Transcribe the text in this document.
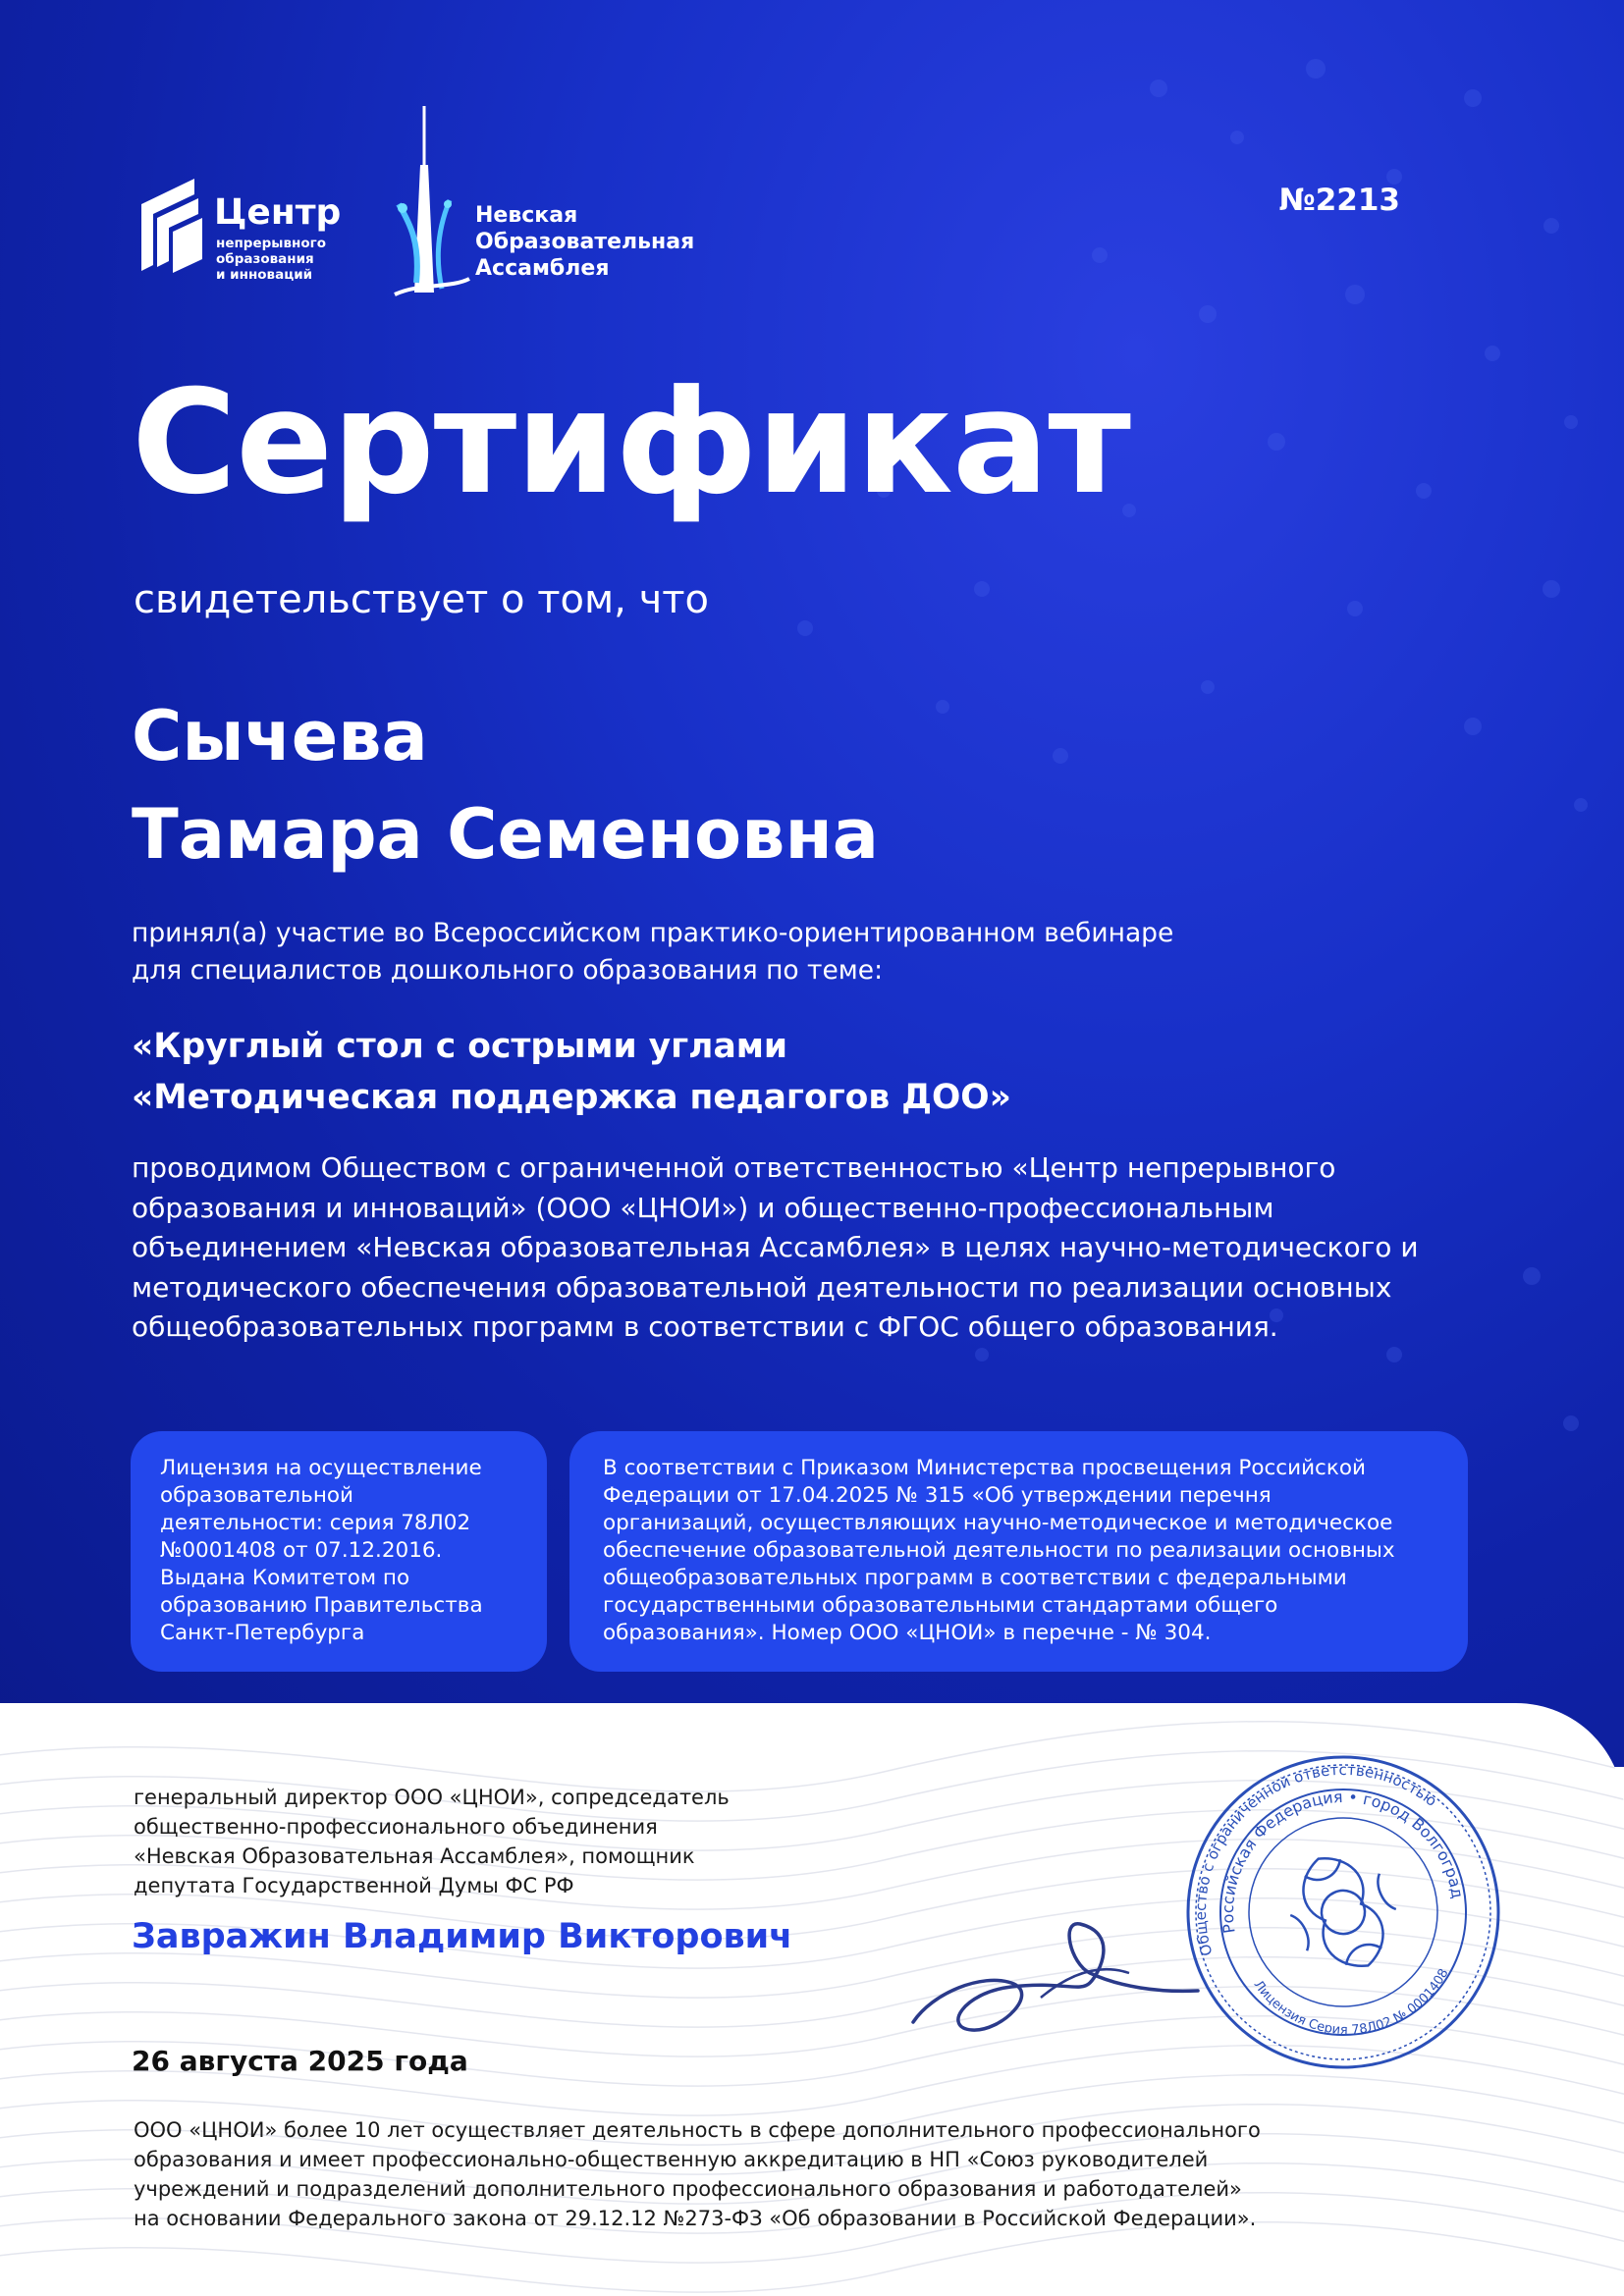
Центр
непрерывного
образования
и инноваций
Невская
Образовательная
Ассамблея
№2213
Сертификат
свидетельствует о том, что
Сычева
Тамара Семеновна
принял(а) участие во Всероссийском практико-ориентированном вебинаре
для специалистов дошкольного образования по теме:
«Круглый стол с острыми углами
«Методическая поддержка педагогов ДОО»
проводимом Обществом с ограниченной ответственностью «Центр непрерывного
образования и инноваций» (ООО «ЦНОИ») и общественно-профессиональным
объединением «Невская образовательная Ассамблея» в целях научно-методического и
методического обеспечения образовательной деятельности по реализации основных
общеобразовательных программ в соответствии с ФГОС общего образования.
Лицензия на осуществление
образовательной
деятельности: серия 78Л02
№0001408 от 07.12.2016.
Выдана Комитетом по
образованию Правительства
Санкт-Петербурга
В соответствии с Приказом Министерства просвещения Российской
Федерации от 17.04.2025 № 315 «Об утверждении перечня
организаций, осуществляющих научно-методическое и методическое
обеспечение образовательной деятельности по реализации основных
общеобразовательных программ в соответствии с федеральными
государственными образовательными стандартами общего
образования». Номер ООО «ЦНОИ» в перечне - № 304.
генеральный директор ООО «ЦНОИ», сопредседатель
общественно-профессионального объединения
«Невская Образовательная Ассамблея», помощник
депутата Государственной Думы ФС РФ
Завражин Владимир Викторович
26 августа 2025 года
ООО «ЦНОИ» более 10 лет осуществляет деятельность в сфере дополнительного профессионального
образования и имеет профессионально-общественную аккредитацию в НП «Союз руководителей
учреждений и подразделений дополнительного профессионального образования и работодателей»
на основании Федерального закона от 29.12.12 №273-ФЗ «Об образовании в Российской Федерации».
Общество с ограниченной ответственностью
Российская Федерация • город Волгоград
Лицензия Серия 78Л02 № 0001408
